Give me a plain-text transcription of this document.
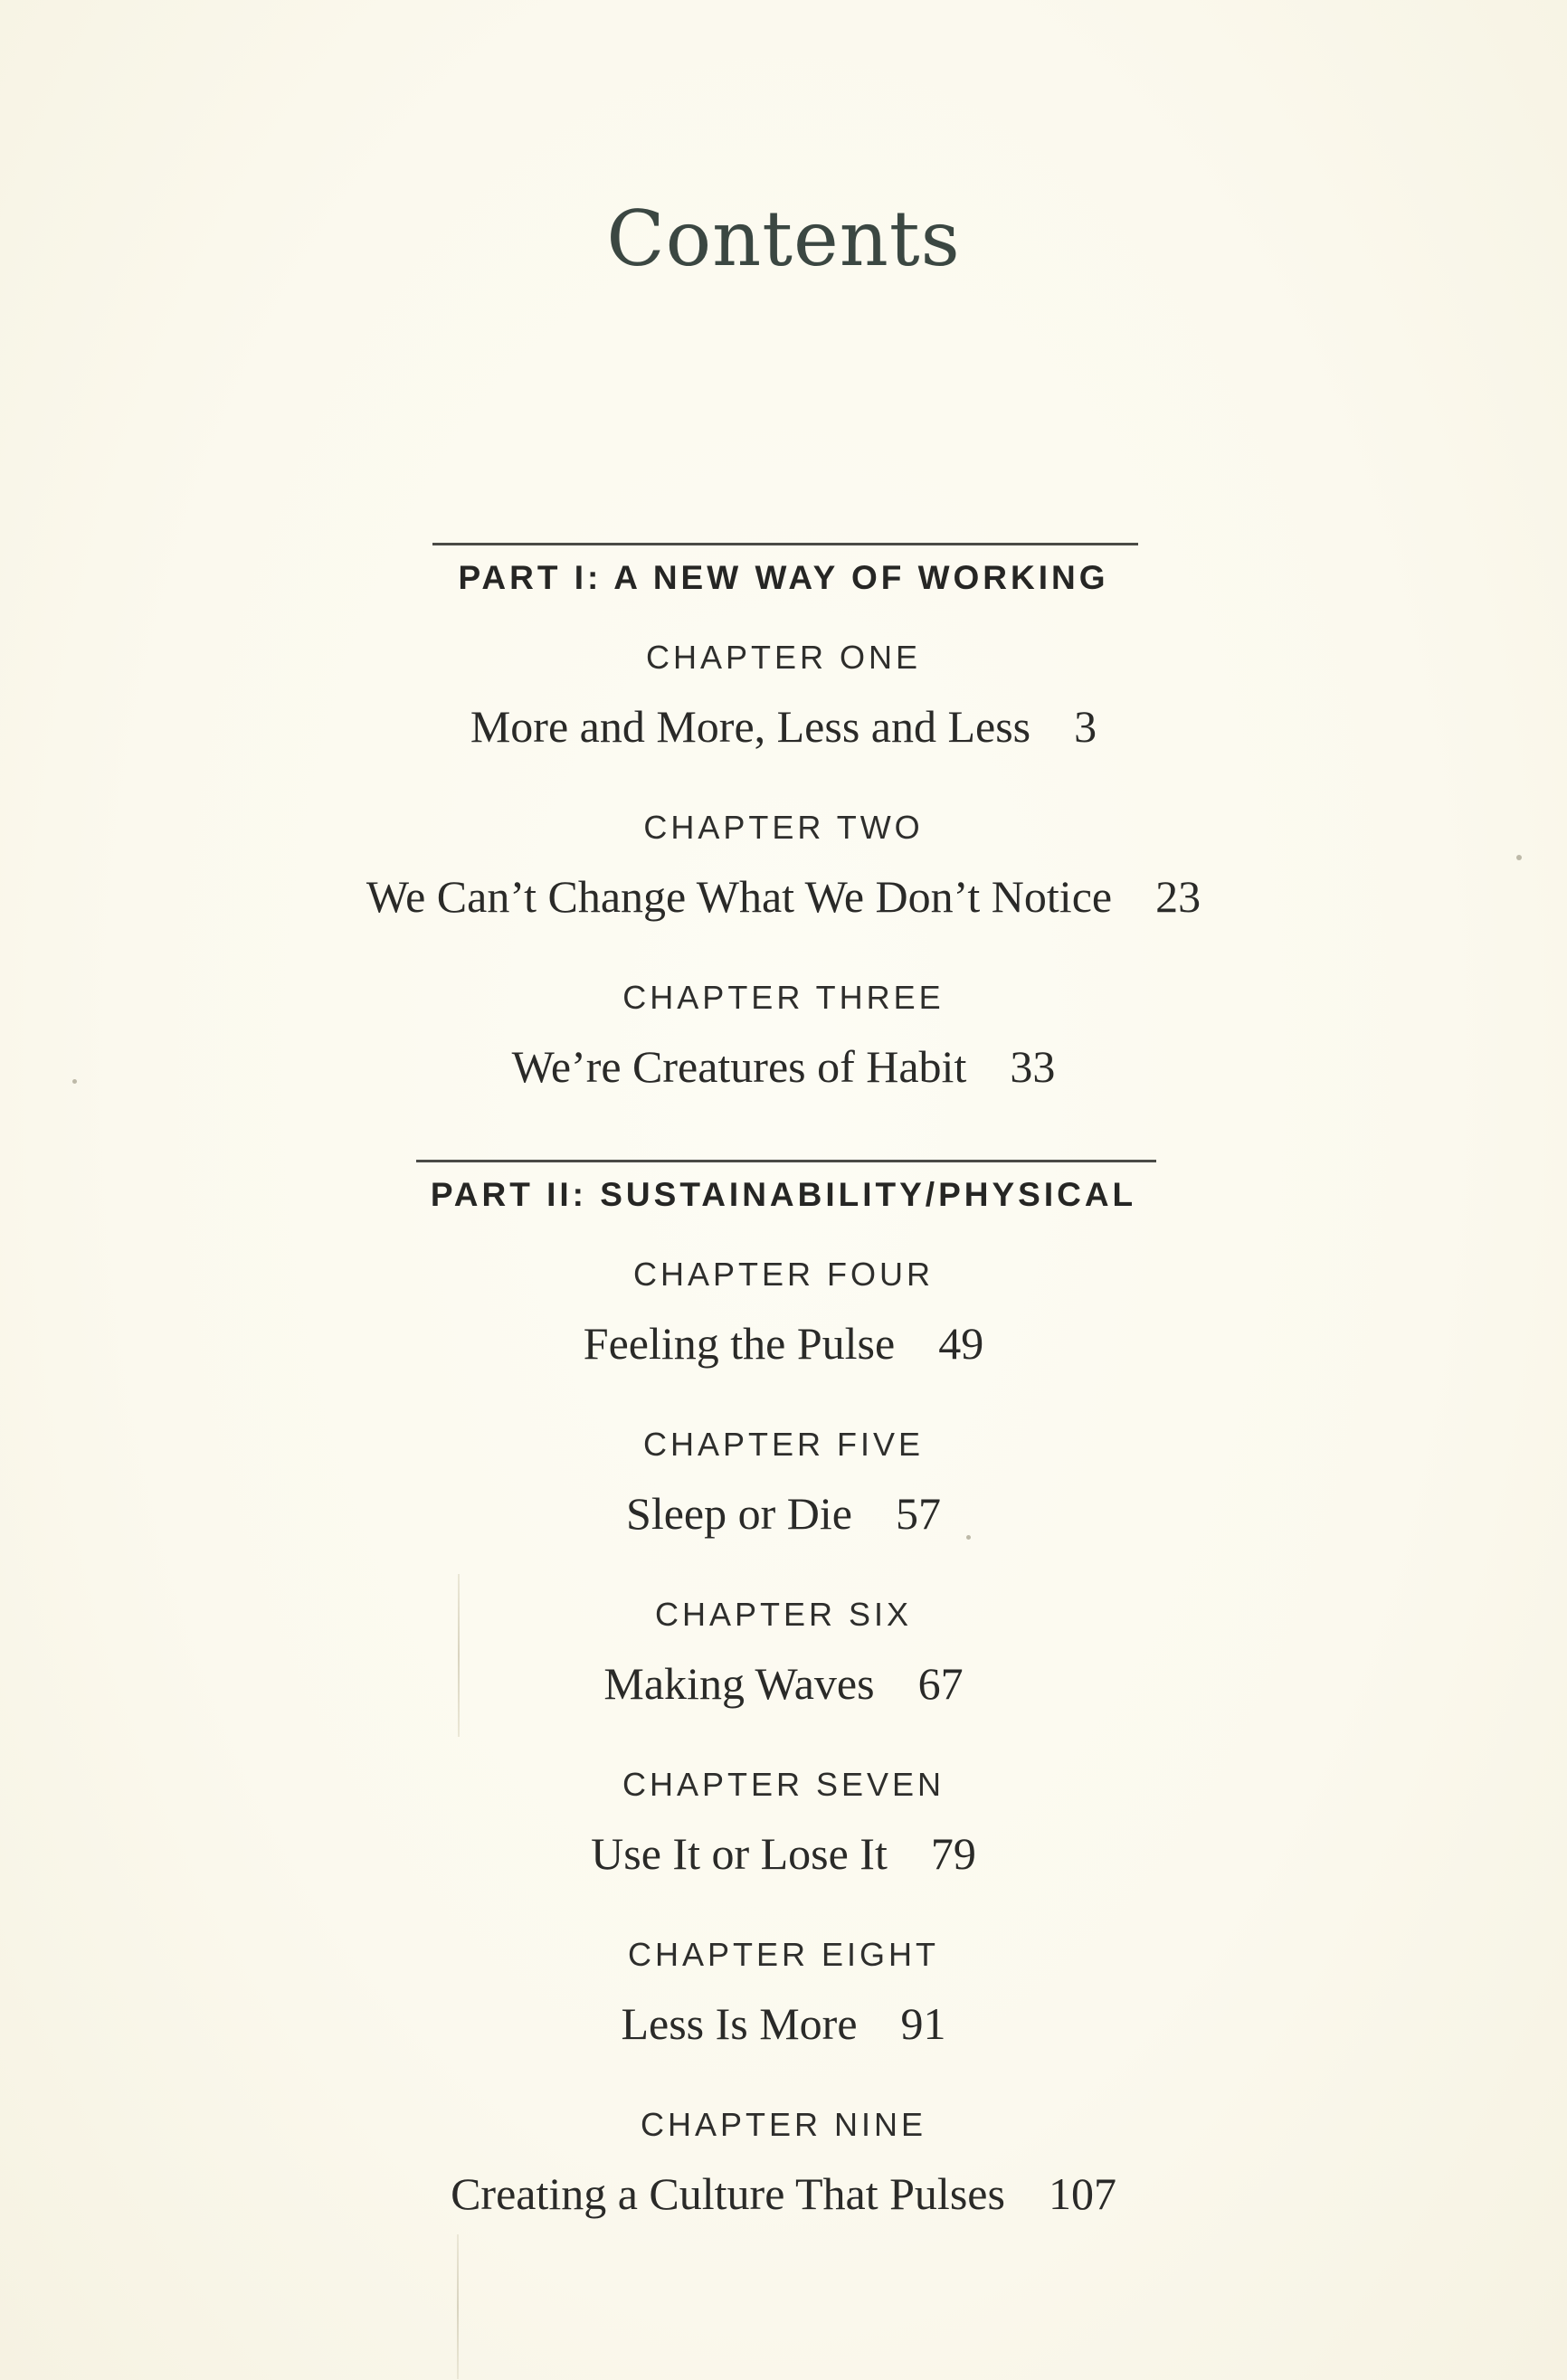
Contents
PART I: A NEW WAY OF WORKING
CHAPTER ONE
More and More, Less and Less 3
CHAPTER TWO
We Can’t Change What We Don’t Notice 23
CHAPTER THREE
We’re Creatures of Habit 33
PART II: SUSTAINABILITY/PHYSICAL
CHAPTER FOUR
Feeling the Pulse 49
CHAPTER FIVE
Sleep or Die 57
CHAPTER SIX
Making Waves 67
CHAPTER SEVEN
Use It or Lose It 79
CHAPTER EIGHT
Less Is More 91
CHAPTER NINE
Creating a Culture That Pulses 107
